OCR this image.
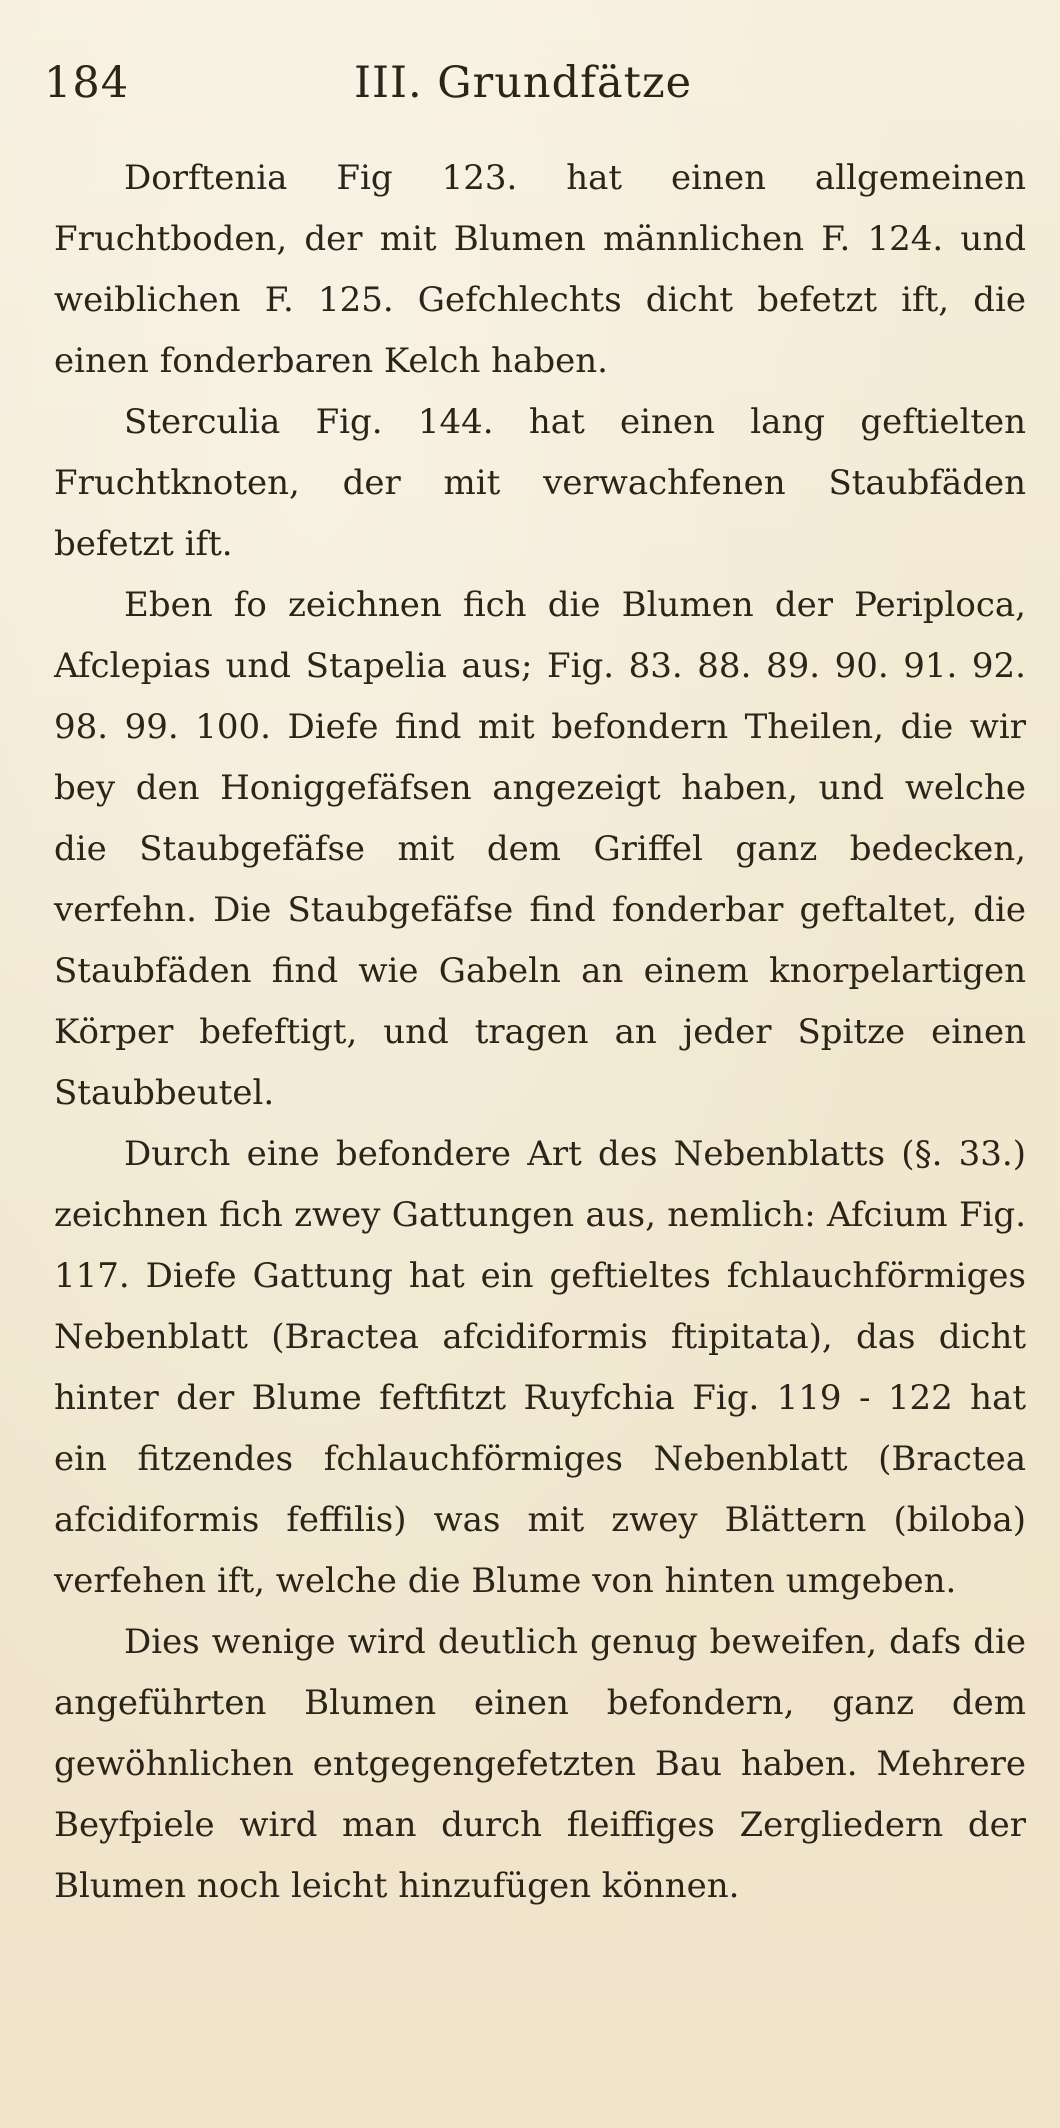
184	III. Grundfätze

Dorftenia Fig 123. hat einen allgemeinen Fruchtboden, der mit Blumen männlichen F. 124. und weiblichen F. 125. Gefchlechts dicht befetzt ift, die einen fonderbaren Kelch haben.

Sterculia Fig. 144. hat einen lang geftielten Fruchtknoten, der mit verwachfenen Staubfäden befetzt ift.

Eben fo zeichnen fich die Blumen der Periploca, Afclepias und Stapelia aus; Fig. 83. 88. 89. 90. 91. 92. 98. 99. 100. Diefe find mit befondern Theilen, die wir bey den Honiggefäfsen angezeigt haben, und welche die Staubgefäfse mit dem Griffel ganz bedecken, verfehn. Die Staubgefäfse find fonderbar geftaltet, die Staubfäden find wie Gabeln an einem knorpelartigen Körper befeftigt, und tragen an jeder Spitze einen Staubbeutel.

Durch eine befondere Art des Nebenblatts (§. 33.) zeichnen fich zwey Gattungen aus, nemlich: Afcium Fig. 117. Diefe Gattung hat ein geftieltes fchlauchförmiges Nebenblatt (Bractea afcidiformis ftipitata), das dicht hinter der Blume feftfitzt Ruyfchia Fig. 119 - 122 hat ein fitzendes fchlauchförmiges Nebenblatt (Bractea afcidiformis feffilis) was mit zwey Blättern (biloba) verfehen ift, welche die Blume von hinten umgeben.

Dies wenige wird deutlich genug beweifen, dafs die angeführten Blumen einen befondern, ganz dem gewöhnlichen entgegengefetzten Bau haben. Mehrere Beyfpiele wird man durch fleiffiges Zergliedern der Blumen noch leicht hinzufügen können.
